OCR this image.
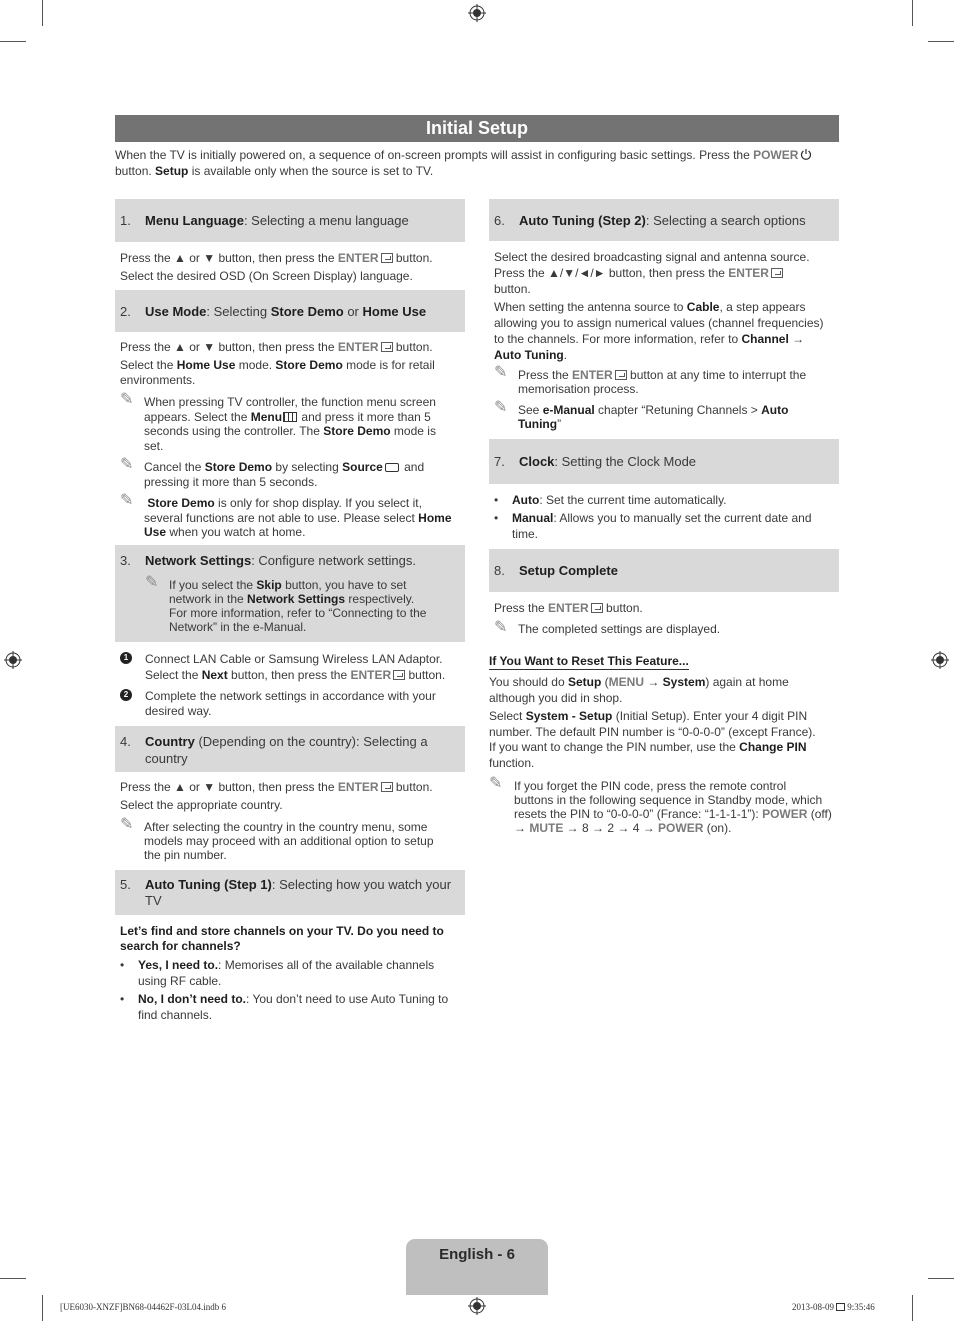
Initial Setup
When the TV is initially powered on, a sequence of on-screen prompts will assist in configuring basic settings. Press the POWER
button. Setup is available only when the source is set to TV.
1. Menu Language: Selecting a menu language
Press the ▲ or ▼ button, then press the ENTER button.
Select the desired OSD (On Screen Display) language.
2. Use Mode: Selecting Store Demo or Home Use
Press the ▲ or ▼ button, then press the ENTER button.
Select the Home Use mode. Store Demo mode is for retail
environments.
✎ When pressing TV controller, the function menu screen
appears. Select the Menu and press it more than 5
seconds using the controller. The Store Demo mode is
set.
✎ Cancel the Store Demo by selecting Source and
pressing it more than 5 seconds.
✎ Store Demo is only for shop display. If you select it,
several functions are not able to use. Please select Home
Use when you watch at home.
3. Network Settings: Configure network settings.
✎ If you select the Skip button, you have to set
network in the Network Settings respectively.
For more information, refer to “Connecting to the
Network” in the e-Manual.
1	Connect LAN Cable or Samsung Wireless LAN Adaptor.
Select the Next button, then press the ENTER button.
2	Complete the network settings in accordance with your
desired way.
4. Country (Depending on the country): Selecting a
country
Press the ▲ or ▼ button, then press the ENTER button.
Select the appropriate country.
✎ After selecting the country in the country menu, some
models may proceed with an additional option to setup
the pin number.
5. Auto Tuning (Step 1): Selecting how you watch your
TV
Let’s find and store channels on your TV. Do you need to
search for channels?
• Yes, I need to.: Memorises all of the available channels
using RF cable.
• No, I don’t need to.: You don’t need to use Auto Tuning to
find channels.
6. Auto Tuning (Step 2): Selecting a search options
Select the desired broadcasting signal and antenna source.
Press the ▲/▼/◄/► button, then press the ENTER
button.
When setting the antenna source to Cable, a step appears
allowing you to assign numerical values (channel frequencies)
to the channels. For more information, refer to Channel →
Auto Tuning.
✎ Press the ENTER button at any time to interrupt the
memorisation process.
✎ See e-Manual chapter “Retuning Channels > Auto
Tuning”
7. Clock: Setting the Clock Mode
• Auto: Set the current time automatically.
• Manual: Allows you to manually set the current date and
time.
8. Setup Complete
Press the ENTER button.
✎ The completed settings are displayed.
If You Want to Reset This Feature...
You should do Setup (MENU → System) again at home
although you did in shop.
Select System - Setup (Initial Setup). Enter your 4 digit PIN
number. The default PIN number is “0-0-0-0” (except France).
If you want to change the PIN number, use the Change PIN
function.
✎ If you forget the PIN code, press the remote control
buttons in the following sequence in Standby mode, which
resets the PIN to “0-0-0-0” (France: “1-1-1-1”): POWER (off)
→ MUTE → 8 → 2 → 4 → POWER (on).
English - 6
[UE6030-XNZF]BN68-04462F-03L04.indb 6	2013-08-09 9:35:46
